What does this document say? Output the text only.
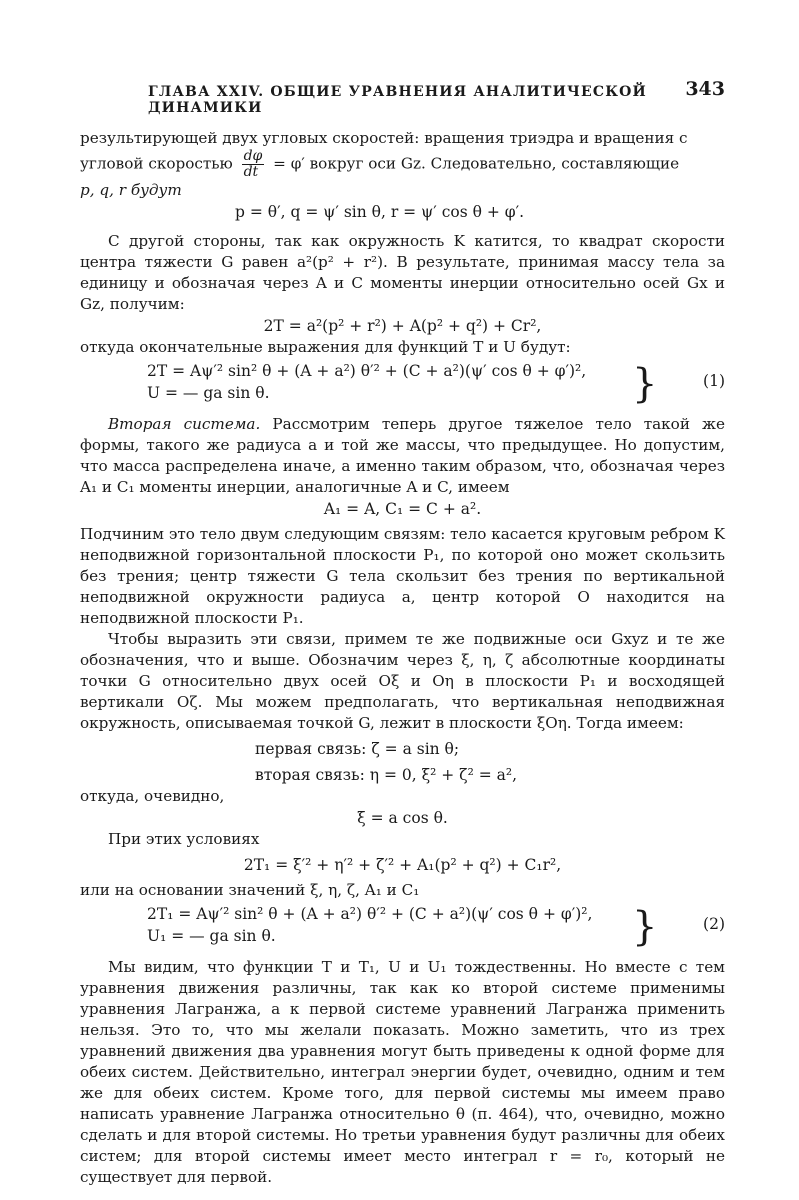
ГЛАВА XXIV. ОБЩИЕ УРАВНЕНИЯ АНАЛИТИЧЕСКОЙ ДИНАМИКИ
343

результирующей двух угловых скоростей: вращения триэдра и вращения с

угловой скоростью $\frac{d\varphi}{dt} = \varphi'$ вокруг оси Gz. Следовательно, составляющие

p, q, r будут

p = θ′, q = ψ′ sin θ, r = ψ′ cos θ + φ′.

С другой стороны, так как окружность K катится, то квадрат скорости центра тяжести G равен a²(p² + r²). В результате, принимая массу тела за единицу и обозначая через A и C моменты инерции относительно осей Gx и Gz, получим:

2T = a²(p² + r²) + A(p² + q²) + Cr²,

откуда окончательные выражения для функций T и U будут:

2T = Aψ′² sin² θ + (A + a²) θ′² + (C + a²)(ψ′ cos θ + φ′)²,
U = — ga sin θ.	}	(1)

Вторая система. Рассмотрим теперь другое тяжелое тело такой же формы, такого же радиуса a и той же массы, что предыдущее. Но допустим, что масса распределена иначе, а именно таким образом, что, обозначая через A₁ и C₁ моменты инерции, аналогичные A и C, имеем

A₁ = A, C₁ = C + a².

Подчиним это тело двум следующим связям: тело касается круговым ребром K неподвижной горизонтальной плоскости P₁, по которой оно может скользить без трения; центр тяжести G тела скользит без трения по вертикальной неподвижной окружности радиуса a, центр которой O находится на неподвижной плоскости P₁.

Чтобы выразить эти связи, примем те же подвижные оси Gxyz и те же обозначения, что и выше. Обозначим через ξ, η, ζ абсолютные координаты точки G относительно двух осей Oξ и Oη в плоскости P₁ и восходящей вертикали Oζ. Мы можем предполагать, что вертикальная неподвижная окружность, описываемая точкой G, лежит в плоскости ξOη. Тогда имеем:

первая связь: ζ = a sin θ;
вторая связь: η = 0, ξ² + ζ² = a²,

откуда, очевидно,

ξ = a cos θ.

При этих условиях

2T₁ = ξ′² + η′² + ζ′² + A₁(p² + q²) + C₁r²,

или на основании значений ξ, η, ζ, A₁ и C₁

2T₁ = Aψ′² sin² θ + (A + a²) θ′² + (C + a²)(ψ′ cos θ + φ′)²,
U₁ = — ga sin θ.	}	(2)

Мы видим, что функции T и T₁, U и U₁ тождественны. Но вместе с тем уравнения движения различны, так как ко второй системе применимы уравнения Лагранжа, а к первой системе уравнений Лагранжа применить нельзя. Это то, что мы желали показать. Можно заметить, что из трех уравнений движения два уравнения могут быть приведены к одной форме для обеих систем. Действительно, интеграл энергии будет, очевидно, одним и тем же для обеих систем. Кроме того, для первой системы мы имеем право написать уравнение Лагранжа относительно θ (п. 464), что, очевидно, можно сделать и для второй системы. Но третьи уравнения будут различны для обеих систем; для второй системы имеет место интеграл r = r₀, который не существует для первой.
